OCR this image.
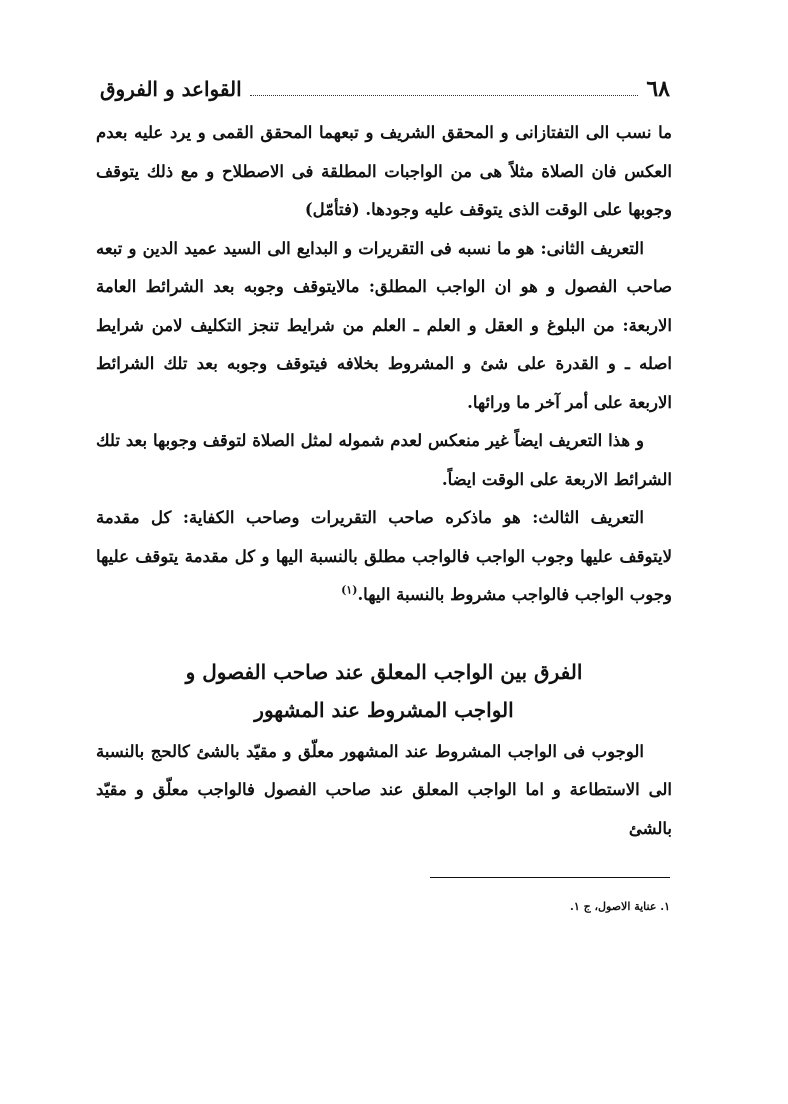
٦٨
القواعد و الفروق

ما نسب الى التفتازانى و المحقق الشريف و تبعهما المحقق القمى و يرد عليه بعدم العكس فان الصلاة مثلاً هى من الواجبات المطلقة فى الاصطلاح و مع ذلك يتوقف وجوبها على الوقت الذى يتوقف عليه وجودها. (فتأمّل)

التعريف الثانى: هو ما نسبه فى التقريرات و البدايع الى السيد عميد الدين و تبعه صاحب الفصول و هو ان الواجب المطلق: مالايتوقف وجوبه بعد الشرائط العامة الاربعة: من البلوغ و العقل و العلم ـ العلم من شرايط تنجز التكليف لامن شرايط اصله ـ و القدرة على شئ و المشروط بخلافه فيتوقف وجوبه بعد تلك الشرائط الاربعة على أمر آخر ما ورائها.

و هذا التعريف ايضاً غير منعكس لعدم شموله لمثل الصلاة لتوقف وجوبها بعد تلك الشرائط الاربعة على الوقت ايضاً.

التعريف الثالث: هو ماذكره صاحب التقريرات وصاحب الكفاية: كل مقدمة لايتوقف عليها وجوب الواجب فالواجب مطلق بالنسبة اليها و كل مقدمة يتوقف عليها وجوب الواجب فالواجب مشروط بالنسبة اليها.$^{(١)}$

الفرق بين الواجب المعلق عند صاحب الفصول و
الواجب المشروط عند المشهور

الوجوب فى الواجب المشروط عند المشهور معلّق و مقيّد بالشئ كالحج بالنسبة الى الاستطاعة و اما الواجب المعلق عند صاحب الفصول فالواجب معلّق و مقيّد بالشئ

١. عناية الاصول، ج ١.
